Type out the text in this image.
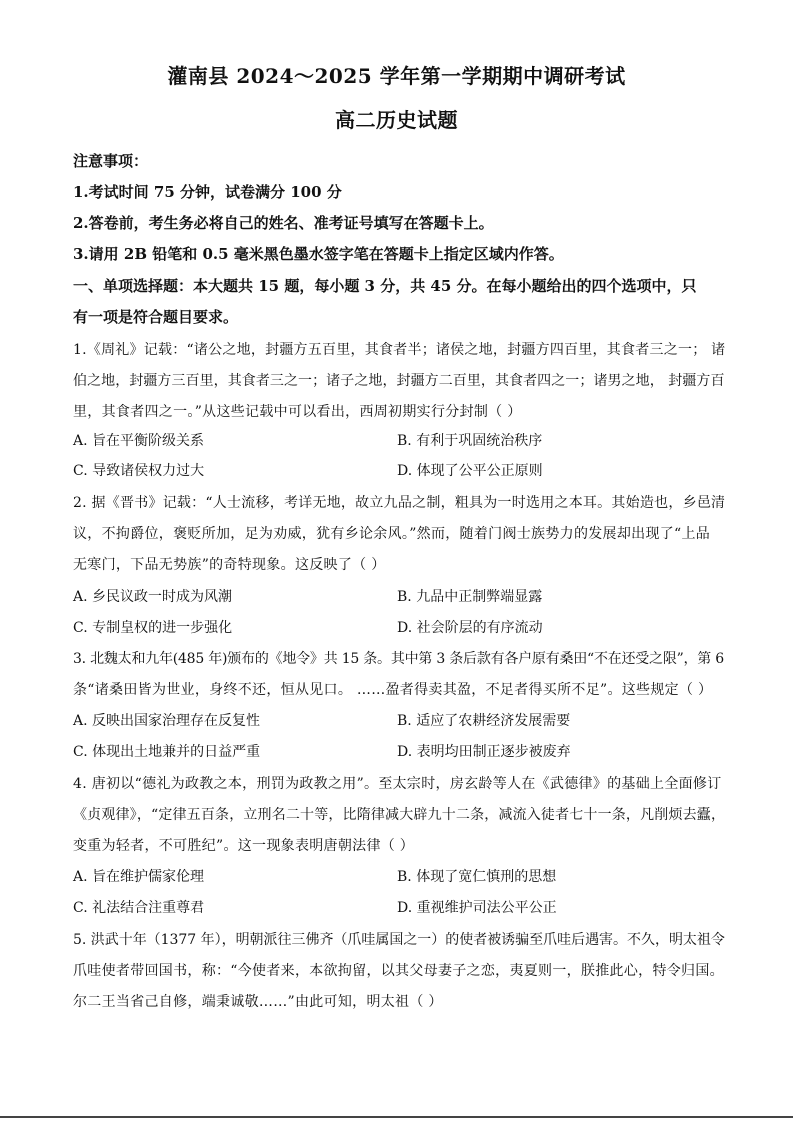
灌南县 2024～2025 学年第一学期期中调研考试
高二历史试题
注意事项：
1.考试时间 75 分钟，试卷满分 100 分
2.答卷前，考生务必将自己的姓名、准考证号填写在答题卡上。
3.请用 2B 铅笔和 0.5 毫米黑色墨水签字笔在答题卡上指定区域内作答。
一、单项选择题：本大题共 15 题，每小题 3 分，共 45 分。在每小题给出的四个选项中，只
有一项是符合题目要求。
1.《周礼》记载：“诸公之地，封疆方五百里，其食者半；诸侯之地，封疆方四百里，其食者三之一； 诸
伯之地，封疆方三百里，其食者三之一；诸子之地，封疆方二百里，其食者四之一；诸男之地， 封疆方百
里，其食者四之一。”从这些记载中可以看出，西周初期实行分封制（ ）
A. 旨在平衡阶级关系	B. 有利于巩固统治秩序
C. 导致诸侯权力过大	D. 体现了公平公正原则
2. 据《晋书》记载：“人士流移，考详无地，故立九品之制，粗具为一时选用之本耳。其始造也，乡邑清
议，不拘爵位，褒贬所加，足为劝威，犹有乡论余风。”然而，随着门阀士族势力的发展却出现了“上品
无寒门，下品无势族”的奇特现象。这反映了（ ）
A. 乡民议政一时成为风潮	B. 九品中正制弊端显露
C. 专制皇权的进一步强化	D. 社会阶层的有序流动
3. 北魏太和九年(485 年)颁布的《地令》共 15 条。其中第 3 条后款有各户原有桑田“不在还受之限”，第 6
条“诸桑田皆为世业，身终不还，恒从见口。 ……盈者得卖其盈，不足者得买所不足”。这些规定（ ）
A. 反映出国家治理存在反复性	B. 适应了农耕经济发展需要
C. 体现出土地兼并的日益严重	D. 表明均田制正逐步被废弃
4. 唐初以“德礼为政教之本，刑罚为政教之用”。至太宗时，房玄龄等人在《武德律》的基础上全面修订
《贞观律》，“定律五百条，立刑名二十等，比隋律减大辟九十二条，减流入徒者七十一条，凡削烦去蠹，
变重为轻者，不可胜纪”。这一现象表明唐朝法律（ ）
A. 旨在维护儒家伦理	B. 体现了宽仁慎刑的思想
C. 礼法结合注重尊君	D. 重视维护司法公平公正
5. 洪武十年（1377 年），明朝派往三佛齐（爪哇属国之一）的使者被诱骗至爪哇后遇害。不久，明太祖令
爪哇使者带回国书，称：“今使者来，本欲拘留，以其父母妻子之恋，夷夏则一，朕推此心，特令归国。
尔二王当省己自修，端秉诚敬……”由此可知，明太祖（ ）
